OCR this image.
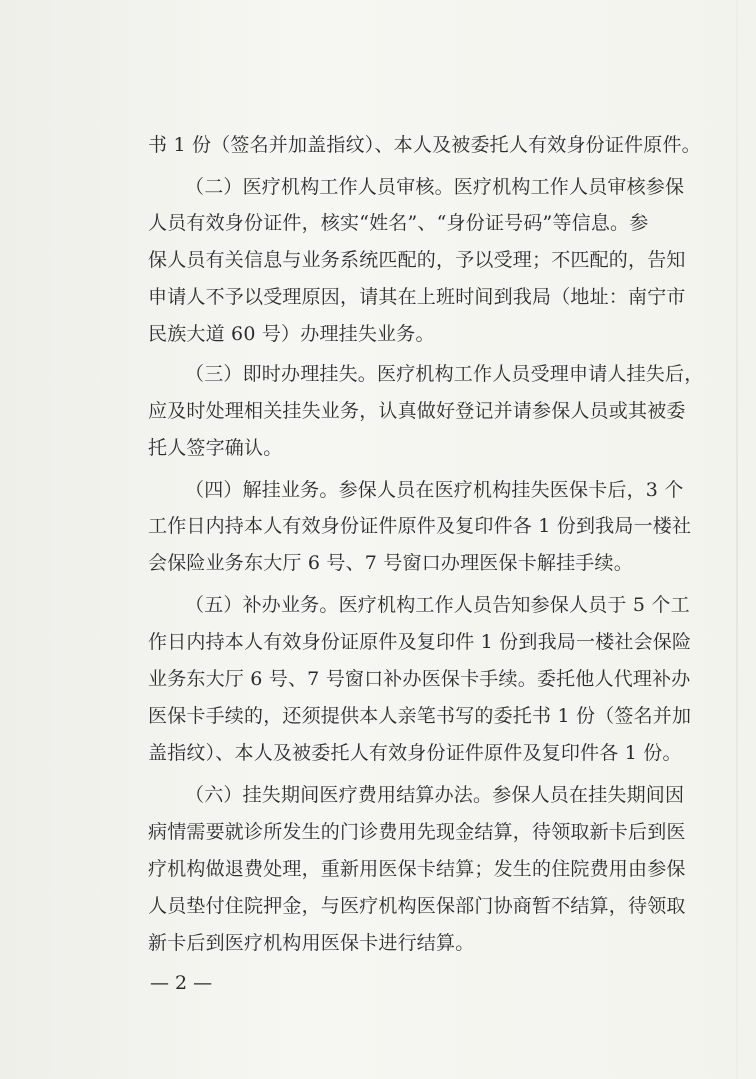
书 1 份（签名并加盖指纹）、本人及被委托人有效身份证件原件。
（二）医疗机构工作人员审核。医疗机构工作人员审核参保
人员有效身份证件，核实“姓名”、“身份证号码”等信息。参
保人员有关信息与业务系统匹配的，予以受理；不匹配的，告知
申请人不予以受理原因，请其在上班时间到我局（地址：南宁市
民族大道 60 号）办理挂失业务。
（三）即时办理挂失。医疗机构工作人员受理申请人挂失后，
应及时处理相关挂失业务，认真做好登记并请参保人员或其被委
托人签字确认。
（四）解挂业务。参保人员在医疗机构挂失医保卡后，3 个
工作日内持本人有效身份证件原件及复印件各 1 份到我局一楼社
会保险业务东大厅 6 号、7 号窗口办理医保卡解挂手续。
（五）补办业务。医疗机构工作人员告知参保人员于 5 个工
作日内持本人有效身份证原件及复印件 1 份到我局一楼社会保险
业务东大厅 6 号、7 号窗口补办医保卡手续。委托他人代理补办
医保卡手续的，还须提供本人亲笔书写的委托书 1 份（签名并加
盖指纹）、本人及被委托人有效身份证件原件及复印件各 1 份。
（六）挂失期间医疗费用结算办法。参保人员在挂失期间因
病情需要就诊所发生的门诊费用先现金结算，待领取新卡后到医
疗机构做退费处理，重新用医保卡结算；发生的住院费用由参保
人员垫付住院押金，与医疗机构医保部门协商暂不结算，待领取
新卡后到医疗机构用医保卡进行结算。
— 2 —
